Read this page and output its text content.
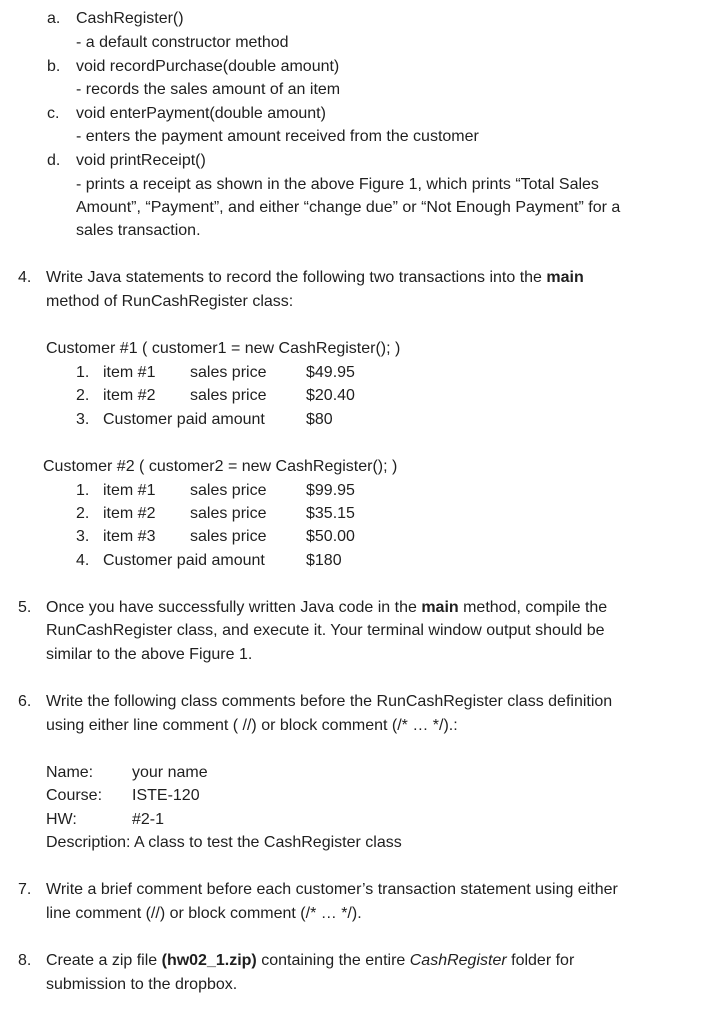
a. CashRegister()
- a default constructor method
b. void recordPurchase(double amount)
- records the sales amount of an item
c. void enterPayment(double amount)
- enters the payment amount received from the customer
d. void printReceipt()
- prints a receipt as shown in the above Figure 1, which prints “Total Sales
Amount”, “Payment”, and either “change due” or “Not Enough Payment” for a
sales transaction.
4. Write Java statements to record the following two transactions into the main
method of RunCashRegister class:
Customer #1 ( customer1 = new CashRegister(); )
1. item #1 sales price $49.95
2. item #2 sales price $20.40
3. Customer paid amount	$80
Customer #2 ( customer2 = new CashRegister(); )
1. item #1 sales price $99.95
2. item #2 sales price $35.15
3. item #3 sales price $50.00
4. Customer paid amount	$180
5. Once you have successfully written Java code in the main method, compile the
RunCashRegister class, and execute it. Your terminal window output should be
similar to the above Figure 1.
6. Write the following class comments before the RunCashRegister class definition
using either line comment ( //) or block comment (/* … */).:
Name: your name
Course: ISTE-120
HW:	#2-1
Description: A class to test the CashRegister class
7. Write a brief comment before each customer’s transaction statement using either
line comment (//) or block comment (/* … */).
8. Create a zip file (hw02_1.zip) containing the entire CashRegister folder for
submission to the dropbox.
